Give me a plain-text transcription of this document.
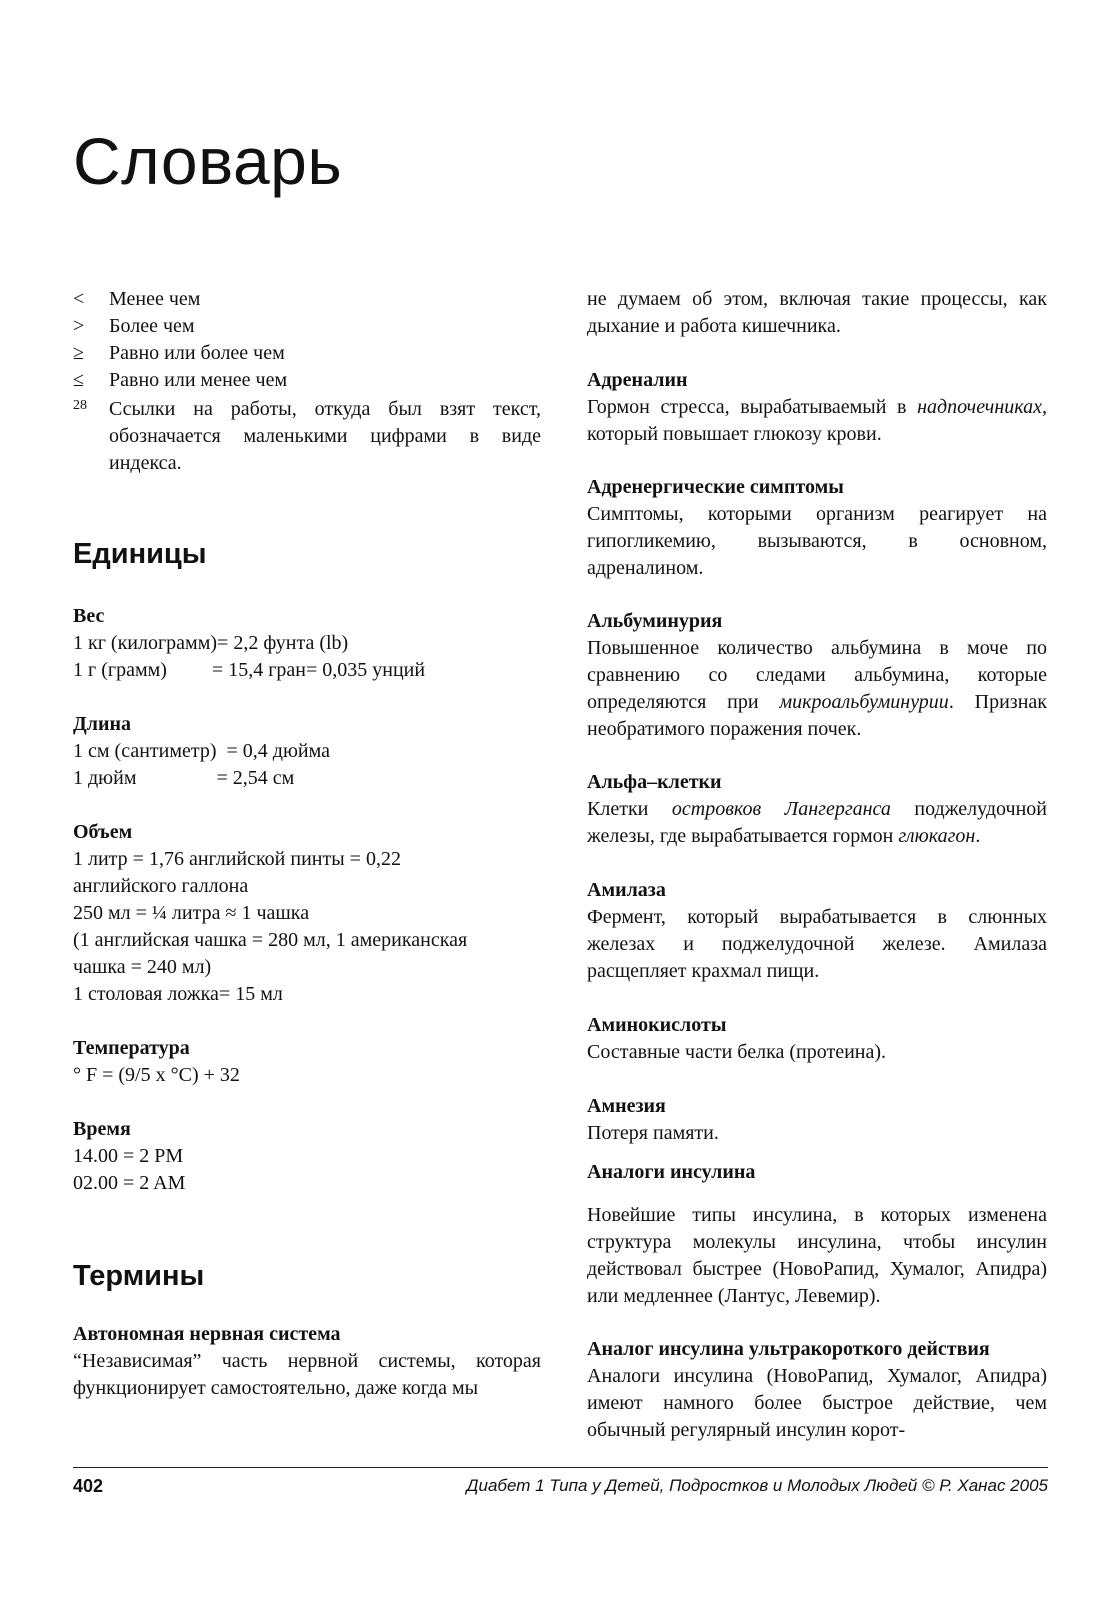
Словарь
<	Менее чем
>	Более чем
≥	Равно или более чем
≤	Равно или менее чем
28	Ссылки на работы, откуда был взят текст, обозначается маленькими цифрами в виде индекса.
Единицы
Вес
1 кг (килограмм)= 2,2 фунта (lb)
1 г (грамм)         = 15,4 гран= 0,035 унций
Длина
1 см (сантиметр)  = 0,4 дюйма
1 дюйм                = 2,54 см
Объем
1 литр = 1,76 английской пинты = 0,22
английского галлона
250 мл = ¼ литра ≈ 1 чашка
(1 английская чашка = 280 мл, 1 американская
чашка = 240 мл)
1 столовая ложка= 15 мл
Температура
° F = (9/5 x °C) + 32
Время
14.00 = 2 PM
02.00 = 2 AM
Термины
Автономная нервная система
“Независимая” часть нервной системы, которая функционирует самостоятельно, даже когда мы
не думаем об этом, включая такие процессы, как дыхание и работа кишечника.
Адреналин
Гормон стресса, вырабатываемый в надпочечниках, который повышает глюкозу крови.
Адренергические симптомы
Симптомы, которыми организм реагирует на гипогликемию, вызываются, в основном, адреналином.
Альбуминурия
Повышенное количество альбумина в моче по сравнению со следами альбумина, которые определяются при микроальбуминурии. Признак необратимого поражения почек.
Альфа–клетки
Клетки островков Лангерганса поджелудочной железы, где вырабатывается гормон глюкагон.
Амилаза
Фермент, который вырабатывается в слюнных железах и поджелудочной железе. Амилаза расщепляет крахмал пищи.
Аминокислоты
Составные части белка (протеина).
Амнезия
Потеря памяти.
Аналоги инсулина
Новейшие типы инсулина, в которых изменена структура молекулы инсулина, чтобы инсулин действовал быстрее (НовоРапид, Хумалог, Апидра) или медленнее (Лантус, Левемир).
Аналог инсулина ультракороткого действия
Аналоги инсулина (НовоРапид, Хумалог, Апидра) имеют намного более быстрое действие, чем обычный регулярный инсулин корот-
402	Диабет 1 Типа у Детей, Подростков и Молодых Людей © Р. Ханас 2005
